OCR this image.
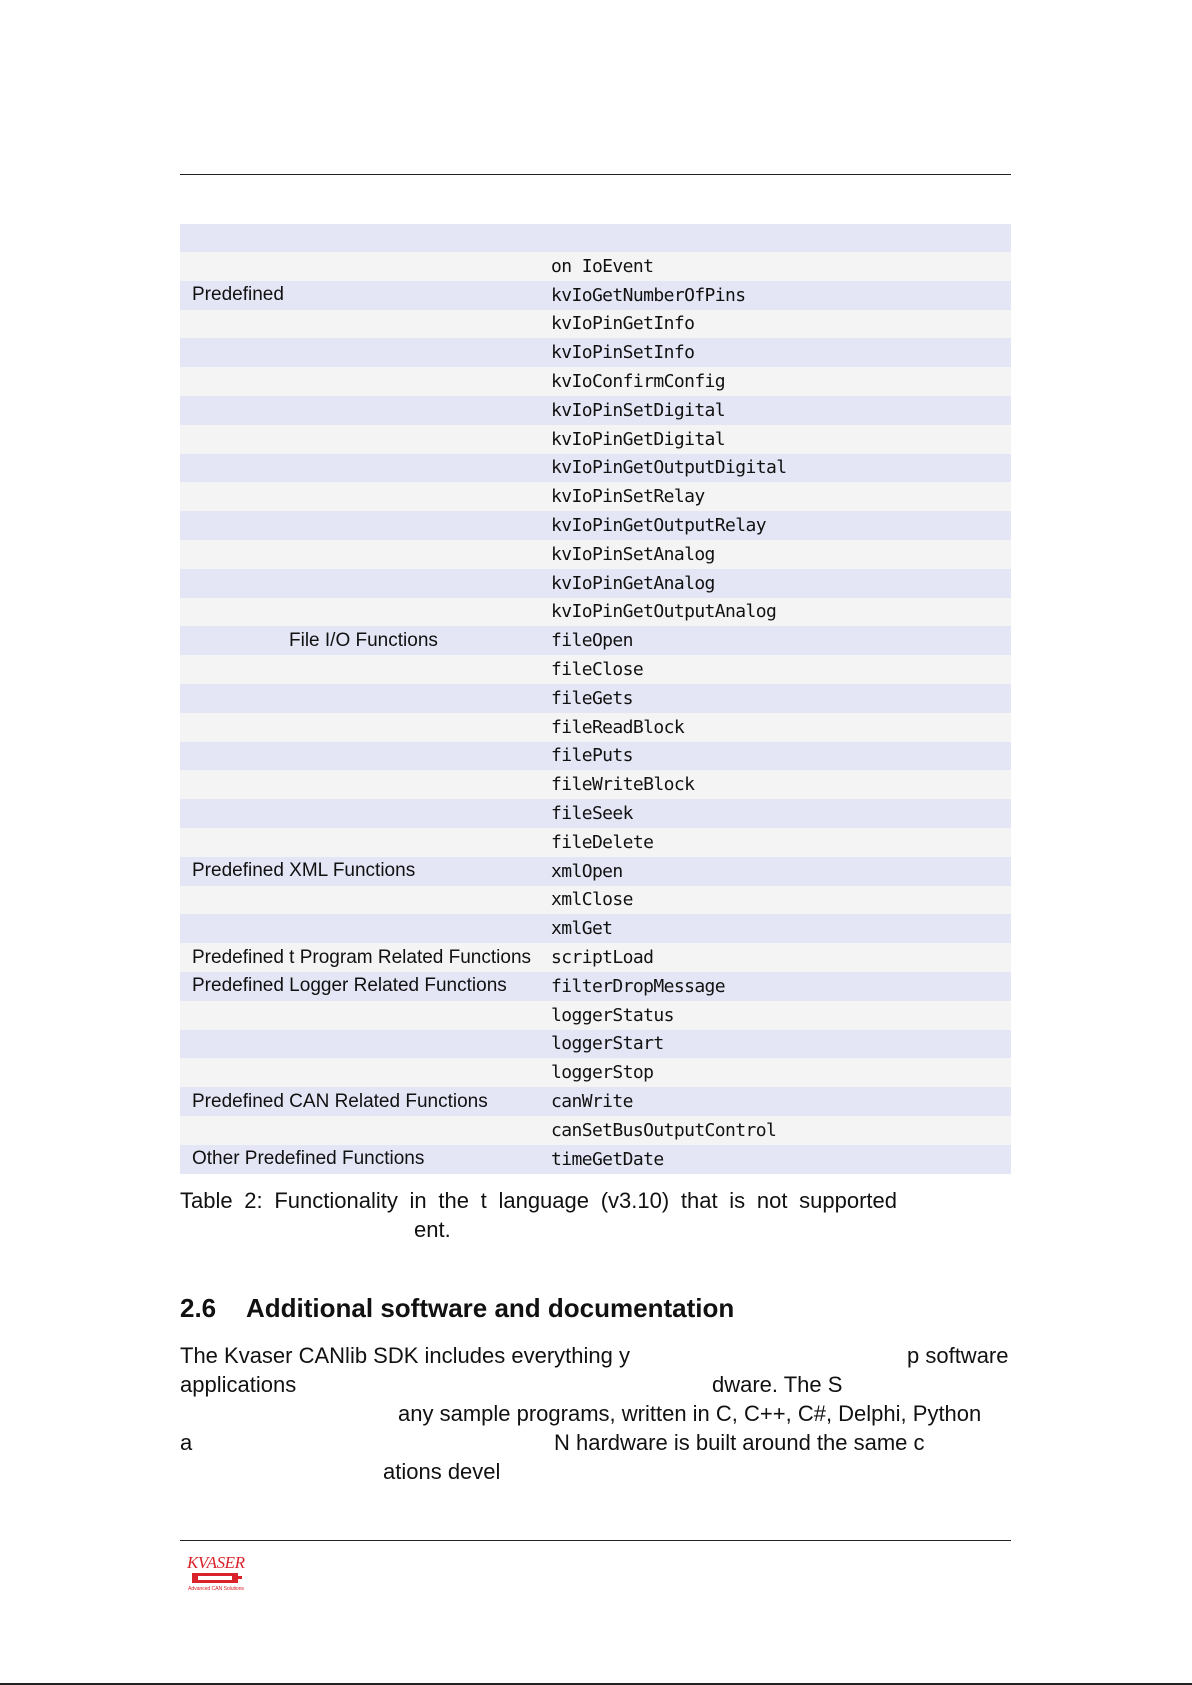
	on IoEvent
Predefined	kvIoGetNumberOfPins
	kvIoPinGetInfo
	kvIoPinSetInfo
	kvIoConfirmConfig
	kvIoPinSetDigital
	kvIoPinGetDigital
	kvIoPinGetOutputDigital
	kvIoPinSetRelay
	kvIoPinGetOutputRelay
	kvIoPinSetAnalog
	kvIoPinGetAnalog
	kvIoPinGetOutputAnalog
File I/O Functions	fileOpen
	fileClose
	fileGets
	fileReadBlock
	filePuts
	fileWriteBlock
	fileSeek
	fileDelete
Predefined XML Functions	xmlOpen
	xmlClose
	xmlGet
Predefined t Program Related Functions	scriptLoad
Predefined Logger Related Functions	filterDropMessage
	loggerStatus
	loggerStart
	loggerStop
Predefined CAN Related Functions	canWrite
	canSetBusOutputControl
Other Predefined Functions	timeGetDate
Table 2: Functionality in the t language (v3.10) that is not supported
ent.
2.6 Additional software and documentation
The Kvaser CANlib SDK includes everything y	p software
applications	dware. The S
any sample programs, written in C, C++, C#, Delphi, Python
a	N hardware is built around the same c
ations devel
KVASER
Advanced CAN Solutions
